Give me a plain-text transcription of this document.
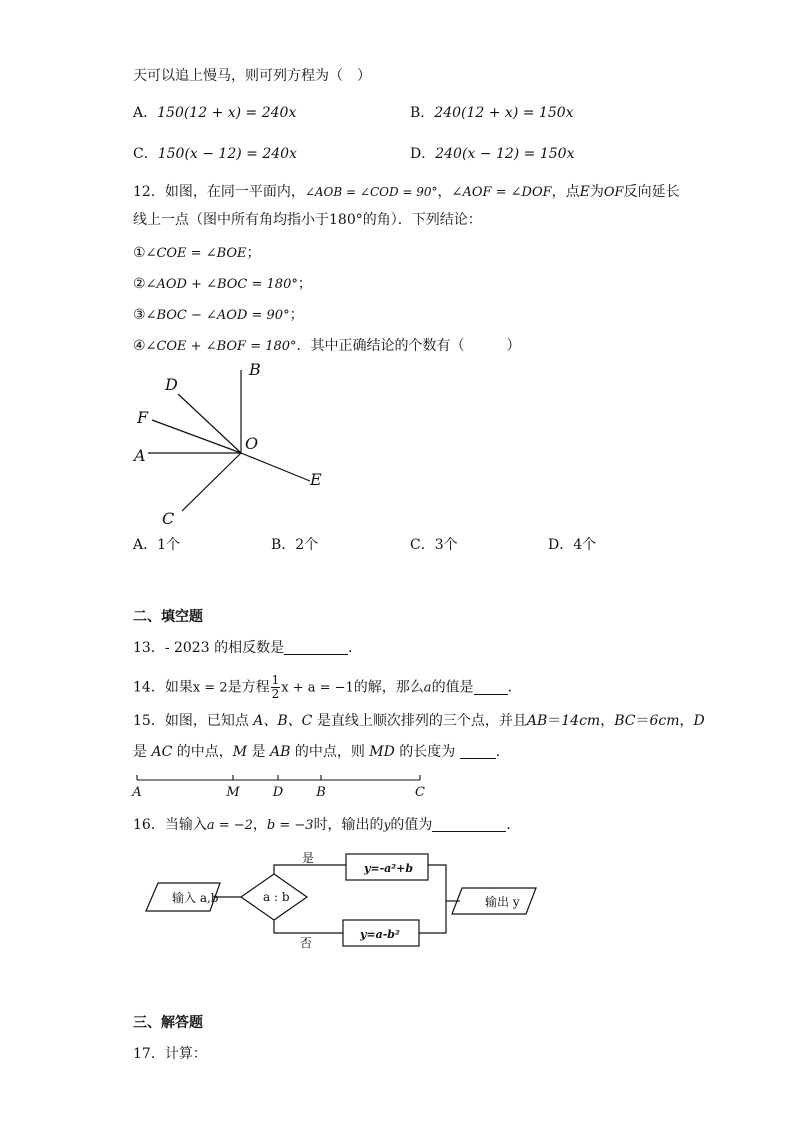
天可以追上慢马，则可列方程为（　）
A．150(12 + x) = 240x	B．240(12 + x) = 150x
C．150(x − 12) = 240x	D．240(x − 12) = 150x
12．如图，在同一平面内，∠AOB = ∠COD = 90°，∠AOF = ∠DOF，点E为OF反向延长
线上一点（图中所有角均指小于180°的角）．下列结论：
①∠COE = ∠BOE；
②∠AOD + ∠BOC = 180°；
③∠BOC − ∠AOD = 90°；
④∠COE + ∠BOF = 180°．其中正确结论的个数有（　　　）
B
D
F
O
A
E
C
A．1个	B．2个	C．3个	D．4个
二、填空题
13．- 2023 的相反数是	．
14．如果x = 2是方程 $\frac{1}{2}$ x + a = −1的解，那么a的值是 ．
15．如图，已知点 A、B、C 是直线上顺次排列的三个点，并且AB＝14cm，BC＝6cm，D
是 AC 的中点，M 是 AB 的中点，则 MD 的长度为	．
A	M	D	B	C
16．当输入a = −2，b = −3时，输出的y的值为	．
输入 a,b	a : b
是
否
y=-a²+b
y=a-b²
输出 y
三、解答题
17．计算：
